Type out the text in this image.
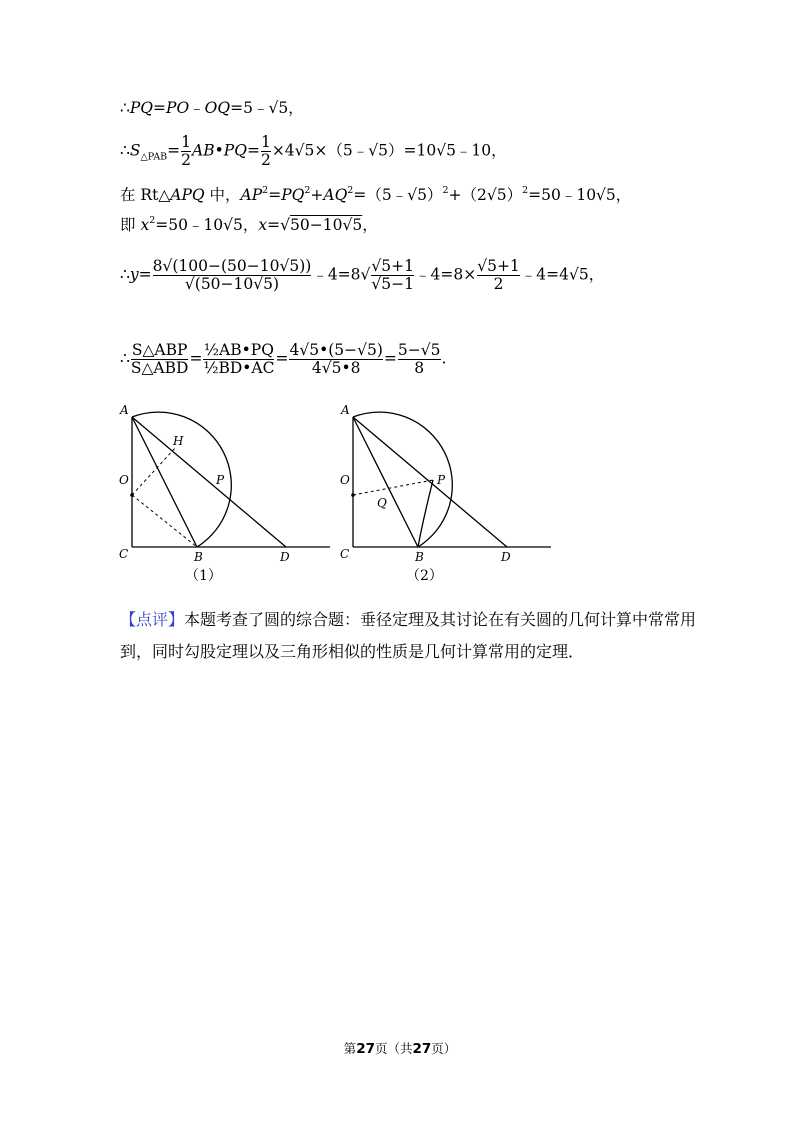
∴PQ=PO﹣OQ=5﹣√5，
$\therefore S_{\triangle PAB}= \frac{1}{2}$ AB•PQ= $\frac{1}{2}$ ×4√5×（5﹣√5）=10√5﹣10，
在 Rt△APQ 中，$AP^2=PQ^2+AQ^2=(5﹣√5)^2+(2√5)^2=50﹣10√5$，
即 $x^2=50﹣10√5$，x=√50−10√5，
∴y= $\frac{8√(100-(50-10√5))}{√(50-10√5)}$ ﹣4=8√ $\frac{√5+1}{√5-1}$ ﹣4=8× $\frac{√5+1}{2}$ ﹣4=4√5，
∴ $\frac{\text{S△ABP}}{\text{S△ABD}} = \frac{\text{½AB•PQ}}{\text{½BD•AC}} = \frac{4√5•(5-√5)}{4√5•8} = \frac{5-√5}{8}$ .
A
H
O	P
C	B	D
（1）
A
O	P
Q
C	B	D
（2）
【点评】本题考查了圆的综合题：垂径定理及其讨论在有关圆的几何计算中常常用到，同时勾股定理以及三角形相似的性质是几何计算常用的定理．
第27页（共27页）
